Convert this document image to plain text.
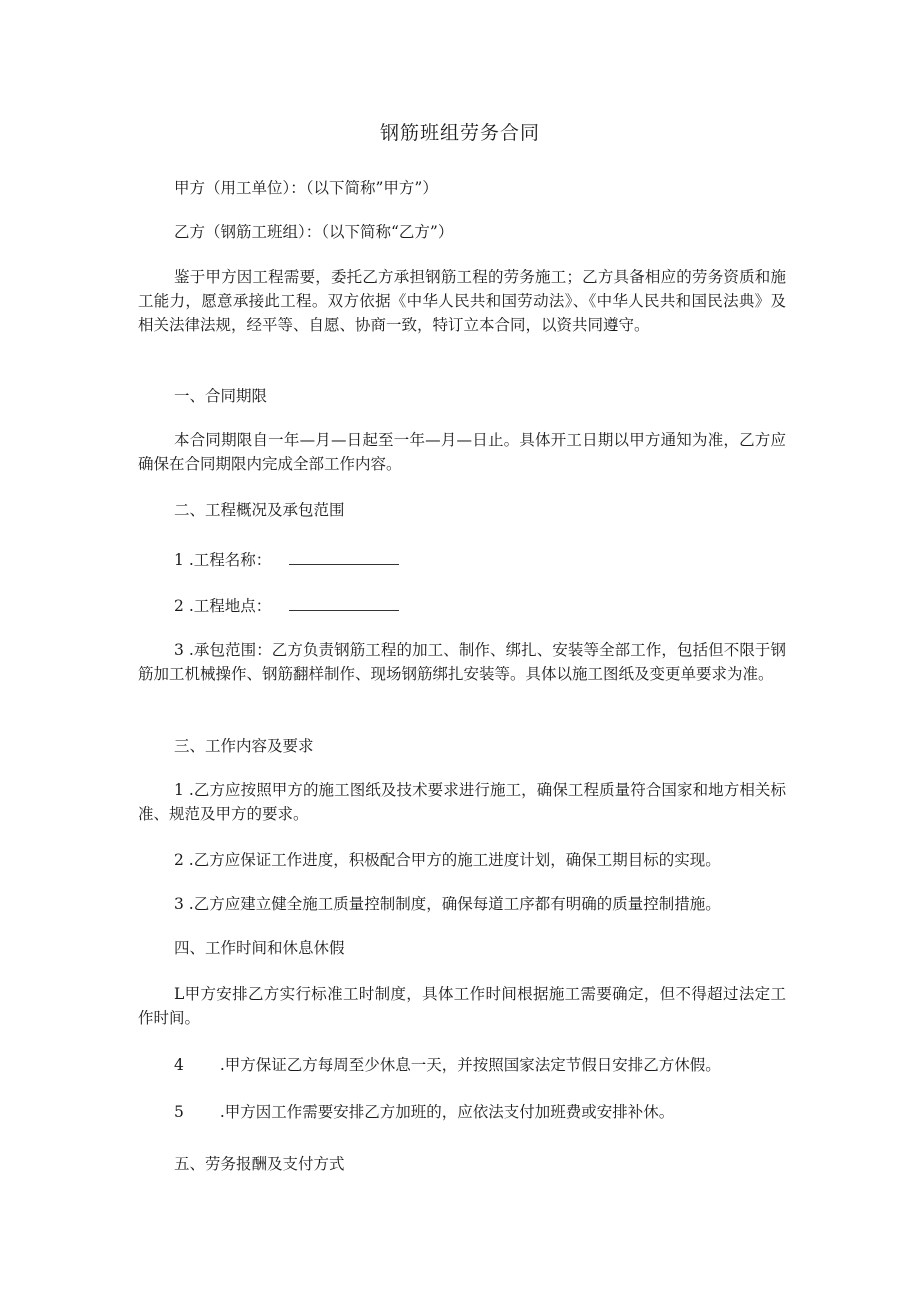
钢筋班组劳务合同

甲方（用工单位）：（以下简称”甲方”）

乙方（钢筋工班组）：（以下简称“乙方”）

鉴于甲方因工程需要，委托乙方承担钢筋工程的劳务施工；乙方具备相应的劳务资质和施工能力，愿意承接此工程。双方依据《中华人民共和国劳动法》、《中华人民共和国民法典》及相关法律法规，经平等、自愿、协商一致，特订立本合同，以资共同遵守。

一、合同期限

本合同期限自一年—月—日起至一年—月—日止。具体开工日期以甲方通知为准，乙方应确保在合同期限内完成全部工作内容。

二、工程概况及承包范围

1 .工程名称：

2 .工程地点：

3 .承包范围：乙方负责钢筋工程的加工、制作、绑扎、安装等全部工作，包括但不限于钢筋加工机械操作、钢筋翻样制作、现场钢筋绑扎安装等。具体以施工图纸及变更单要求为准。

三、工作内容及要求

1 .乙方应按照甲方的施工图纸及技术要求进行施工，确保工程质量符合国家和地方相关标准、规范及甲方的要求。

2 .乙方应保证工作进度，积极配合甲方的施工进度计划，确保工期目标的实现。

3 .乙方应建立健全施工质量控制制度，确保每道工序都有明确的质量控制措施。

四、工作时间和休息休假

L甲方安排乙方实行标准工时制度，具体工作时间根据施工需要确定，但不得超过法定工作时间。

4 .甲方保证乙方每周至少休息一天，并按照国家法定节假日安排乙方休假。

5 .甲方因工作需要安排乙方加班的，应依法支付加班费或安排补休。

五、劳务报酬及支付方式
